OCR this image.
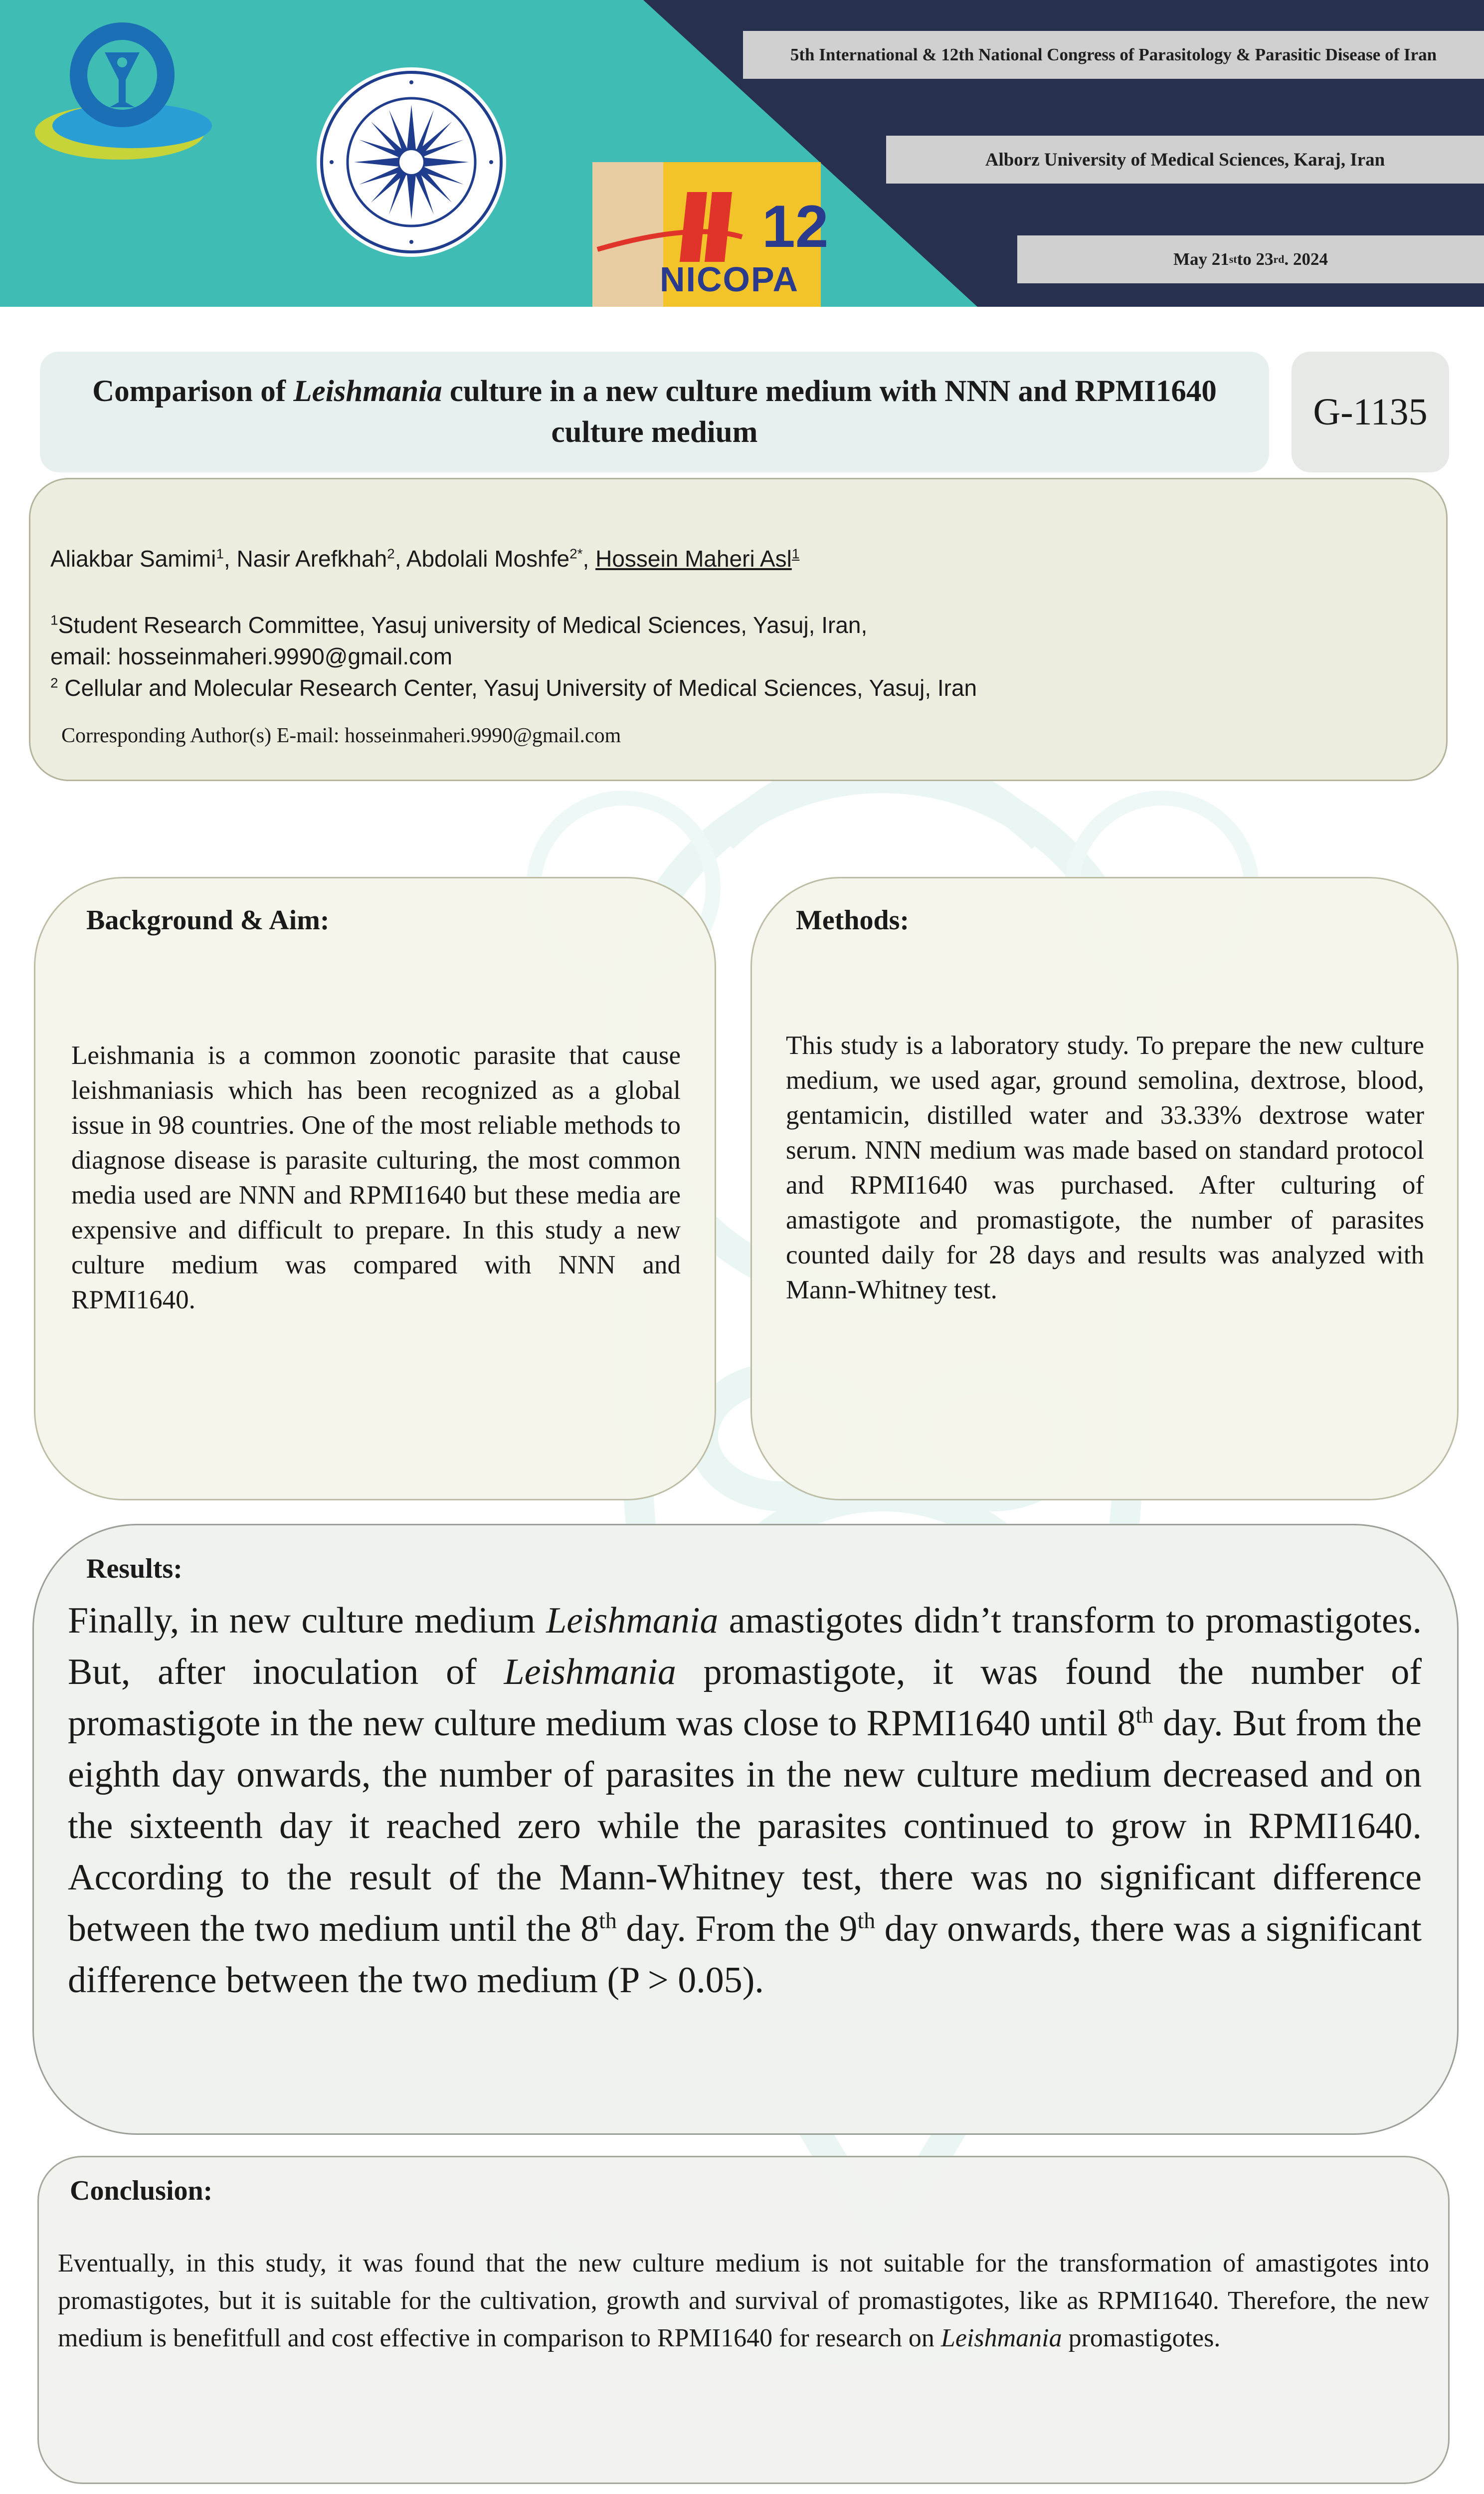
12
NICOPA
5th International & 12th National Congress of Parasitology & Parasitic Disease of Iran
Alborz University of Medical Sciences, Karaj, Iran
May 21 st to 23 rd . 2024
Comparison of Leishmania culture in a new culture medium with NNN and RPMI1640 culture medium	G-1135
Aliakbar Samimi$^1$, Nasir Arefkhah$^2$, Abdolali Moshfe$^{2*}$, Hossein Maheri Asl$^1$
$^1$Student Research Committee, Yasuj university of Medical Sciences, Yasuj, Iran,
email: hosseinmaheri.9990@gmail.com
$^2$ Cellular and Molecular Research Center, Yasuj University of Medical Sciences, Yasuj, Iran
Corresponding Author(s) E-mail: hosseinmaheri.9990@gmail.com
Background & Aim:
Leishmania is a common zoonotic parasite that cause leishmaniasis which has been recognized as a global issue in 98 countries. One of the most reliable methods to diagnose disease is parasite culturing, the most common media used are NNN and RPMI1640 but these media are expensive and difficult to prepare. In this study a new culture medium was compared with NNN and RPMI1640.
Methods:
This study is a laboratory study. To prepare the new culture medium, we used agar, ground semolina, dextrose, blood, gentamicin, distilled water and 33.33% dextrose water serum. NNN medium was made based on standard protocol and RPMI1640 was purchased. After culturing of amastigote and promastigote, the number of parasites counted daily for 28 days and results was analyzed with Mann-Whitney test.
Results:
Finally, in new culture medium Leishmania amastigotes didn’t transform to promastigotes. But, after inoculation of Leishmania promastigote, it was found the number of promastigote in the new culture medium was close to RPMI1640 until 8th day. But from the eighth day onwards, the number of parasites in the new culture medium decreased and on the sixteenth day it reached zero while the parasites continued to grow in RPMI1640. According to the result of the Mann-Whitney test, there was no significant difference between the two medium until the 8th day. From the 9th day onwards, there was a significant difference between the two medium (P > 0.05).
Conclusion:
Eventually, in this study, it was found that the new culture medium is not suitable for the transformation of amastigotes into promastigotes, but it is suitable for the cultivation, growth and survival of promastigotes, like as RPMI1640. Therefore, the new medium is benefitfull and cost effective in comparison to RPMI1640 for research on Leishmania promastigotes.
